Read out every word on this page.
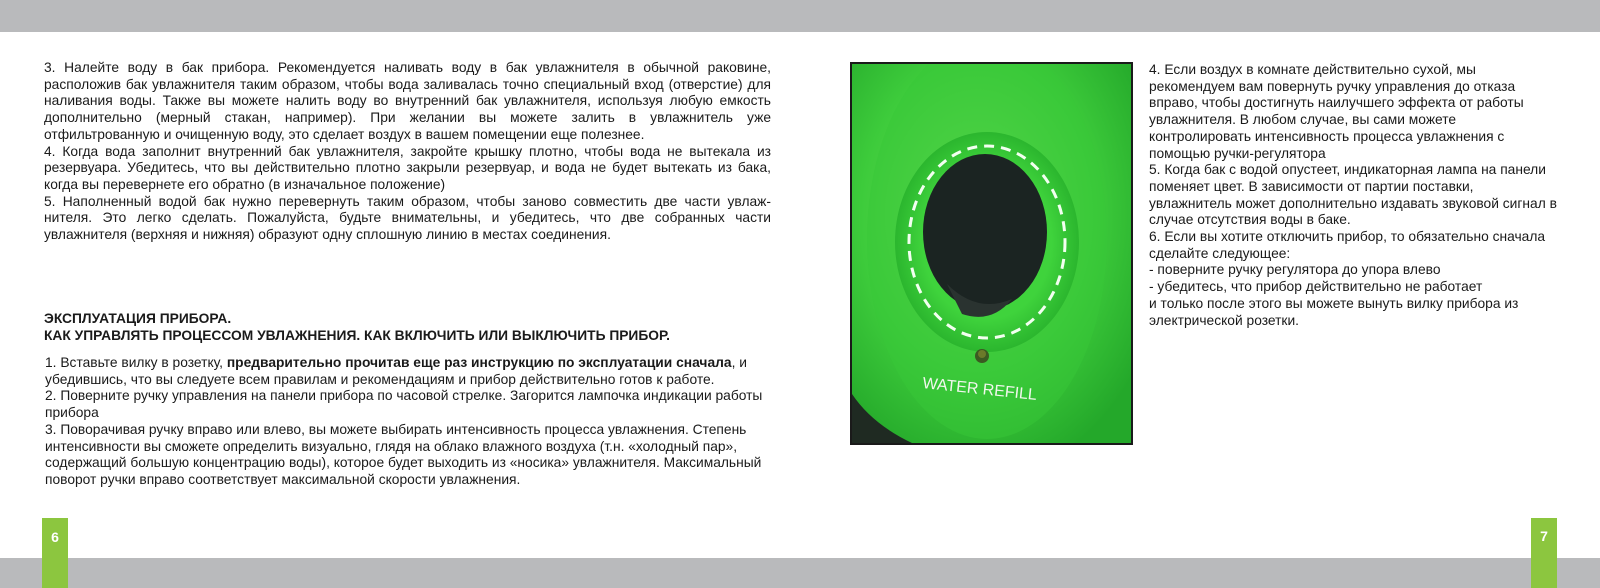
3. Налейте воду в бак прибора. Рекомендуется наливать воду в бак увлажнителя в обычной раковине, расположив бак увлажнителя таким образом, чтобы вода заливалась точно специальный вход (отверстие) для наливания воды. Также вы можете налить воду во внутренний бак увлажнителя, используя любую емкость дополнительно (мерный стакан, например). При желании вы можете залить в увлажнитель уже отфильтрованную и очищенную воду, это сделает воздух в вашем помещении еще полезнее.

4. Когда вода заполнит внутренний бак увлажнителя, закройте крышку плотно, чтобы вода не вытекала из резервуара. Убедитесь, что вы действительно плотно закрыли резервуар, и вода не будет вытекать из бака, когда вы перевернете его обратно (в изначальное положение)

5. Наполненный водой бак нужно перевернуть таким образом, чтобы заново совместить две части увлаж- нителя. Это легко сделать. Пожалуйста, будьте внимательны, и убедитесь, что две собранных части увлажнителя (верхняя и нижняя) образуют одну сплошную линию в местах соединения.

ЭКСПЛУАТАЦИЯ ПРИБОРА.
КАК УПРАВЛЯТЬ ПРОЦЕССОМ УВЛАЖНЕНИЯ. КАК ВКЛЮЧИТЬ ИЛИ ВЫКЛЮЧИТЬ ПРИБОР.

1. Вставьте вилку в розетку, предварительно прочитав еще раз инструкцию по эксплуатации сначала, и убедившись, что вы следуете всем правилам и рекомендациям и прибор действительно готов к работе.

2. Поверните ручку управления на панели прибора по часовой стрелке. Загорится лампочка индикации работы прибора

3. Поворачивая ручку вправо или влево, вы можете выбирать интенсивность процесса увлажнения. Степень интенсивности вы сможете определить визуально, глядя на облако влажного воздуха (т.н. «холодный пар», содержащий большую концентрацию воды), которое будет выходить из «носика» увлажнителя. Максимальный поворот ручки вправо соответствует максимальной скорости увлажнения.

WATER REFILL

4. Если воздух в комнате действительно сухой, мы рекомендуем вам повернуть ручку управления до отказа вправо, чтобы достигнуть наилучшего эффекта от работы увлажнителя. В любом случае, вы сами можете контролировать интенсивность процесса увлажнения с помощью ручки-регулятора

5. Когда бак с водой опустеет, индикаторная лампа на панели поменяет цвет. В зависимости от партии поставки, увлажнитель может дополнительно издавать звуковой сигнал в случае отсутствия воды в баке.

6. Если вы хотите отключить прибор, то обязательно сначала сделайте следующее:

- поверните ручку регулятора до упора влево

- убедитесь, что прибор действительно не работает

и только после этого вы можете вынуть вилку прибора из электрической розетки.

6	7
